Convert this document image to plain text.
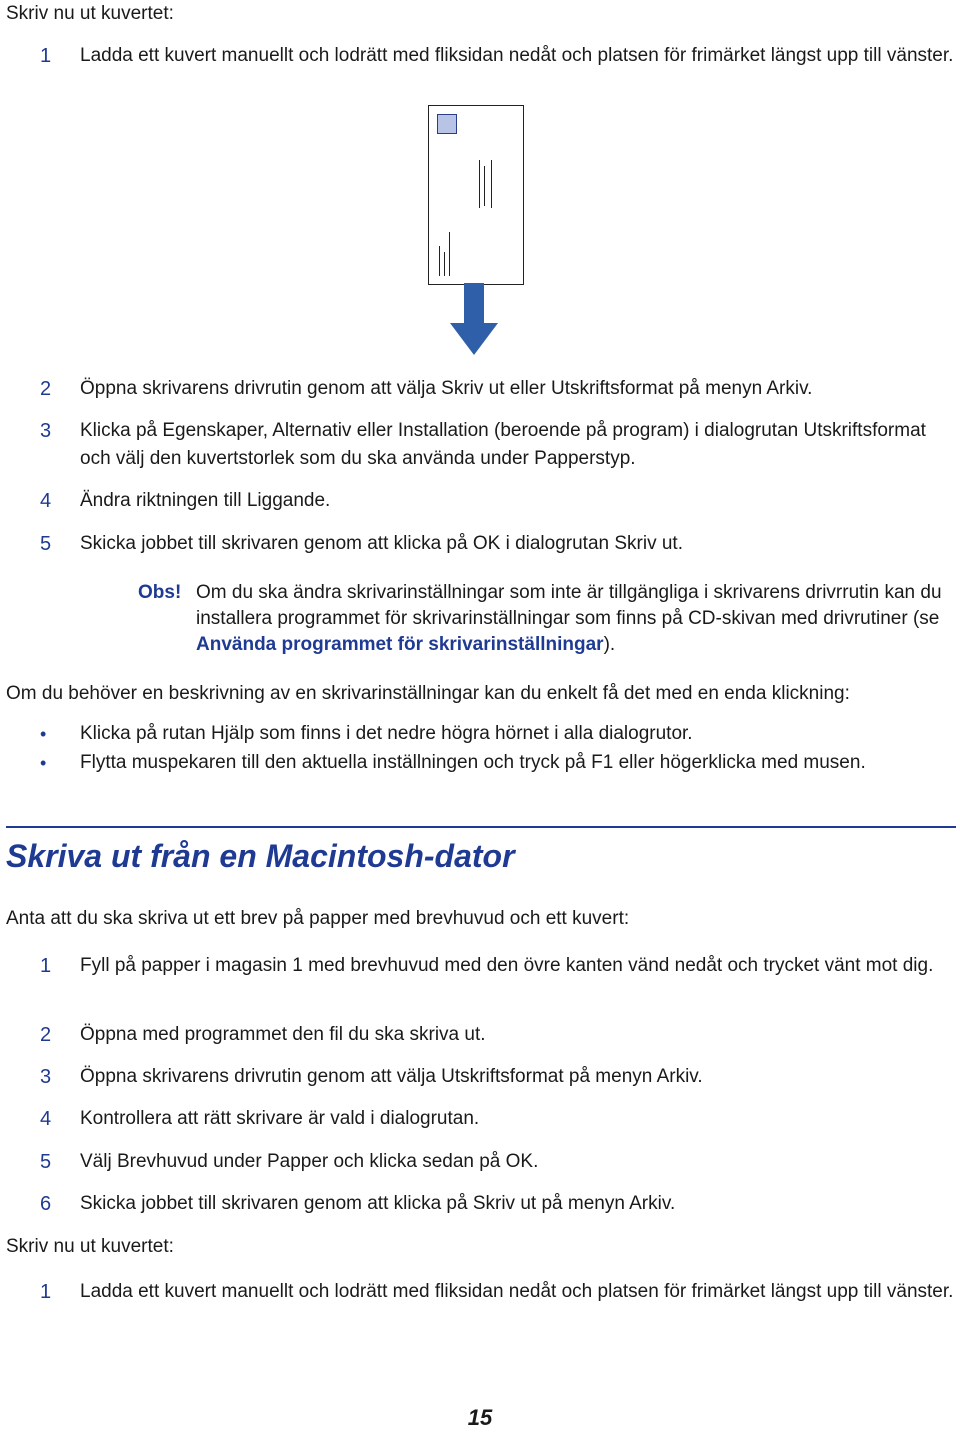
Skriv nu ut kuvertet:
1 Ladda ett kuvert manuellt och lodrätt med fliksidan nedåt och platsen för frimärket längst upp till vänster.
2 Öppna skrivarens drivrutin genom att välja Skriv ut eller Utskriftsformat på menyn Arkiv.
3 Klicka på Egenskaper, Alternativ eller Installation (beroende på program) i dialogrutan Utskriftsformat och välj den kuvertstorlek som du ska använda under Papperstyp.
4 Ändra riktningen till Liggande.
5 Skicka jobbet till skrivaren genom att klicka på OK i dialogrutan Skriv ut.
Obs! Om du ska ändra skrivarinställningar som inte är tillgängliga i skrivarens drivrrutin kan du installera programmet för skrivarinställningar som finns på CD-skivan med drivrutiner (se Använda programmet för skrivarinställningar).
Om du behöver en beskrivning av en skrivarinställningar kan du enkelt få det med en enda klickning:
• Klicka på rutan Hjälp som finns i det nedre högra hörnet i alla dialogrutor.
• Flytta muspekaren till den aktuella inställningen och tryck på F1 eller högerklicka med musen.
Skriva ut från en Macintosh-dator
Anta att du ska skriva ut ett brev på papper med brevhuvud och ett kuvert:
1 Fyll på papper i magasin 1 med brevhuvud med den övre kanten vänd nedåt och trycket vänt mot dig.
2 Öppna med programmet den fil du ska skriva ut.
3 Öppna skrivarens drivrutin genom att välja Utskriftsformat på menyn Arkiv.
4 Kontrollera att rätt skrivare är vald i dialogrutan.
5 Välj Brevhuvud under Papper och klicka sedan på OK.
6 Skicka jobbet till skrivaren genom att klicka på Skriv ut på menyn Arkiv.
Skriv nu ut kuvertet:
1 Ladda ett kuvert manuellt och lodrätt med fliksidan nedåt och platsen för frimärket längst upp till vänster.
15
